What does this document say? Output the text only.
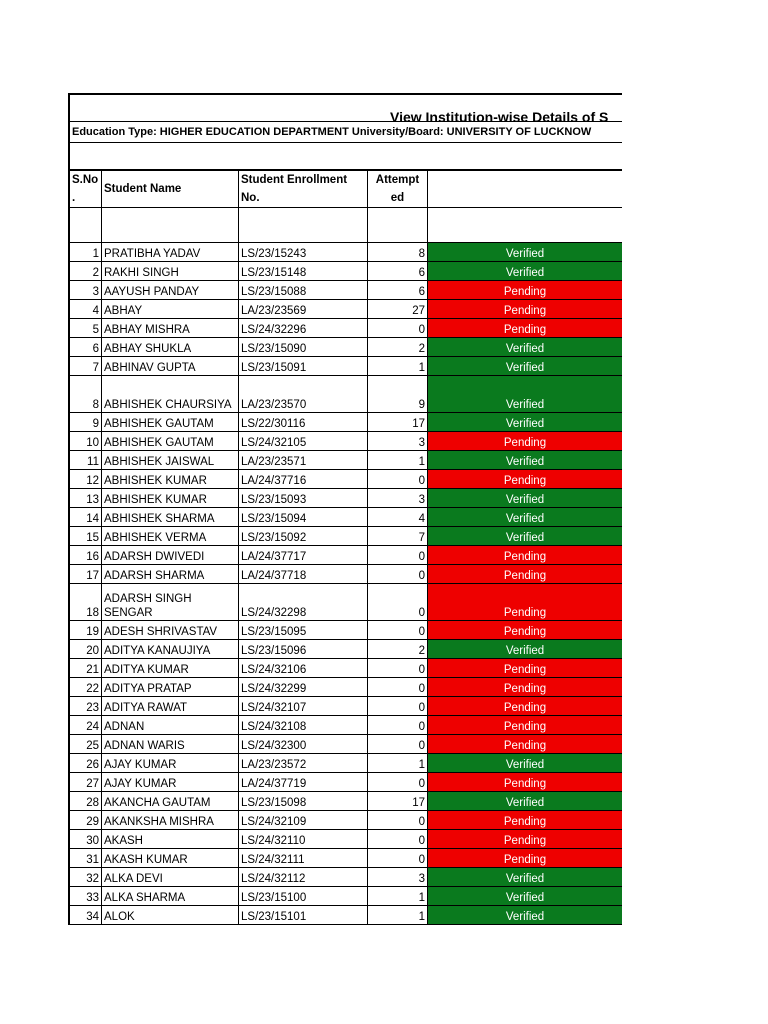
View Institution-wise Details of S
Education Type: HIGHER EDUCATION DEPARTMENT University/Board: UNIVERSITY OF LUCKNOW
S.No .	Student Name	Student Enrollment No.	Attempt ed	

1	PRATIBHA YADAV	LS/23/15243	8	Verified
2	RAKHI SINGH	LS/23/15148	6	Verified
3	AAYUSH PANDAY	LS/23/15088	6	Pending
4	ABHAY	LA/23/23569	27	Pending
5	ABHAY MISHRA	LS/24/32296	0	Pending
6	ABHAY SHUKLA	LS/23/15090	2	Verified
7	ABHINAV GUPTA	LS/23/15091	1	Verified
8	ABHISHEK CHAURSIYA	LA/23/23570	9	Verified
9	ABHISHEK GAUTAM	LS/22/30116	17	Verified
10	ABHISHEK GAUTAM	LS/24/32105	3	Pending
11	ABHISHEK JAISWAL	LA/23/23571	1	Verified
12	ABHISHEK KUMAR	LA/24/37716	0	Pending
13	ABHISHEK KUMAR	LS/23/15093	3	Verified
14	ABHISHEK SHARMA	LS/23/15094	4	Verified
15	ABHISHEK VERMA	LS/23/15092	7	Verified
16	ADARSH DWIVEDI	LA/24/37717	0	Pending
17	ADARSH SHARMA	LA/24/37718	0	Pending
18	ADARSH SINGH SENGAR	LS/24/32298	0	Pending
19	ADESH SHRIVASTAV	LS/23/15095	0	Pending
20	ADITYA KANAUJIYA	LS/23/15096	2	Verified
21	ADITYA KUMAR	LS/24/32106	0	Pending
22	ADITYA PRATAP	LS/24/32299	0	Pending
23	ADITYA RAWAT	LS/24/32107	0	Pending
24	ADNAN	LS/24/32108	0	Pending
25	ADNAN WARIS	LS/24/32300	0	Pending
26	AJAY KUMAR	LA/23/23572	1	Verified
27	AJAY KUMAR	LA/24/37719	0	Pending
28	AKANCHA GAUTAM	LS/23/15098	17	Verified
29	AKANKSHA MISHRA	LS/24/32109	0	Pending
30	AKASH	LS/24/32110	0	Pending
31	AKASH KUMAR	LS/24/32111	0	Pending
32	ALKA DEVI	LS/24/32112	3	Verified
33	ALKA SHARMA	LS/23/15100	1	Verified
34	ALOK	LS/23/15101	1	Verified
